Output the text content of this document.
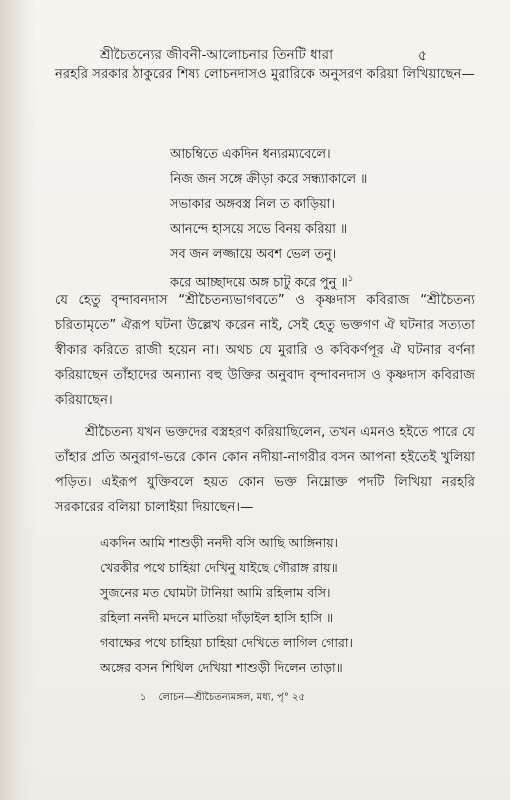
শ্রীচৈতন্যের জীবনী-আলোচনার তিনটি ধারা	৫

নরহরি সরকার ঠাকুরের শিষ্য লোচনদাসও মুরারিকে অনুসরণ করিয়া লিখিয়াছেন—

আচম্বিতে একদিন ধন্যরম্যবেলে।
নিজ জন সঙ্গে ক্রীড়া করে সন্ধ্যাকালে ॥
সভাকার অঙ্গবস্ত্র নিল ত কাড়িয়া।
আনন্দে হাসয়ে সভে বিনয় করিয়া ॥
সব জন লজ্জায়ে অবশ ভেল তনু।
করে আচ্ছাদয়ে অঙ্গ চাটু করে পুনু ॥$^১$

যে হেতু বৃন্দাবনদাস “শ্রীচৈতন্যভাগবতে” ও কৃষ্ণদাস কবিরাজ “শ্রীচৈতন্য চরিতামৃতে” ঐরূপ ঘটনা উল্লেখ করেন নাই, সেই হেতু ভক্তগণ ঐ ঘটনার সত্যতা স্বীকার করিতে রাজী হয়েন না। অথচ যে মুরারি ও কবিকর্ণপূর ঐ ঘটনার বর্ণনা করিয়াছেন তাঁহাদের অন্যান্য বহু উক্তির অনুবাদ বৃন্দাবনদাস ও কৃষ্ণদাস কবিরাজ করিয়াছেন।

শ্রীচৈতন্য যখন ভক্তদের বস্ত্রহরণ করিয়াছিলেন, তখন এমনও হইতে পারে যে তাঁহার প্রতি অনুরাগ-ভরে কোন কোন নদীয়া-নাগরীর বসন আপনা হইতেই খুলিয়া পড়িত। এইরূপ যুক্তিবলে হয়ত কোন ভক্ত নিম্নোক্ত পদটি লিখিয়া নরহরি সরকারের বলিয়া চালাইয়া দিয়াছেন।—

একদিন আমি শাশুড়ী ননদী বসি আছি আঙ্গিনায়।
খেরকীর পথে চাহিয়া দেখিনু যাইছে গৌরাঙ্গ রায়॥
সুজনের মত ঘোমটা টানিয়া আমি রহিলাম বসি।
রহিলা ননদী মদনে মাতিয়া দাঁড়াইল হাসি হাসি ॥
গবাক্ষের পথে চাহিয়া চাহিয়া দেখিতে লাগিল গোরা।
অঙ্গের বসন শিথিল দেখিয়া শাশুড়ী দিলেন তাড়া॥
১ লোচন—শ্রীচৈতন্যমঙ্গল, মধ্য, পৃ° ২৫
